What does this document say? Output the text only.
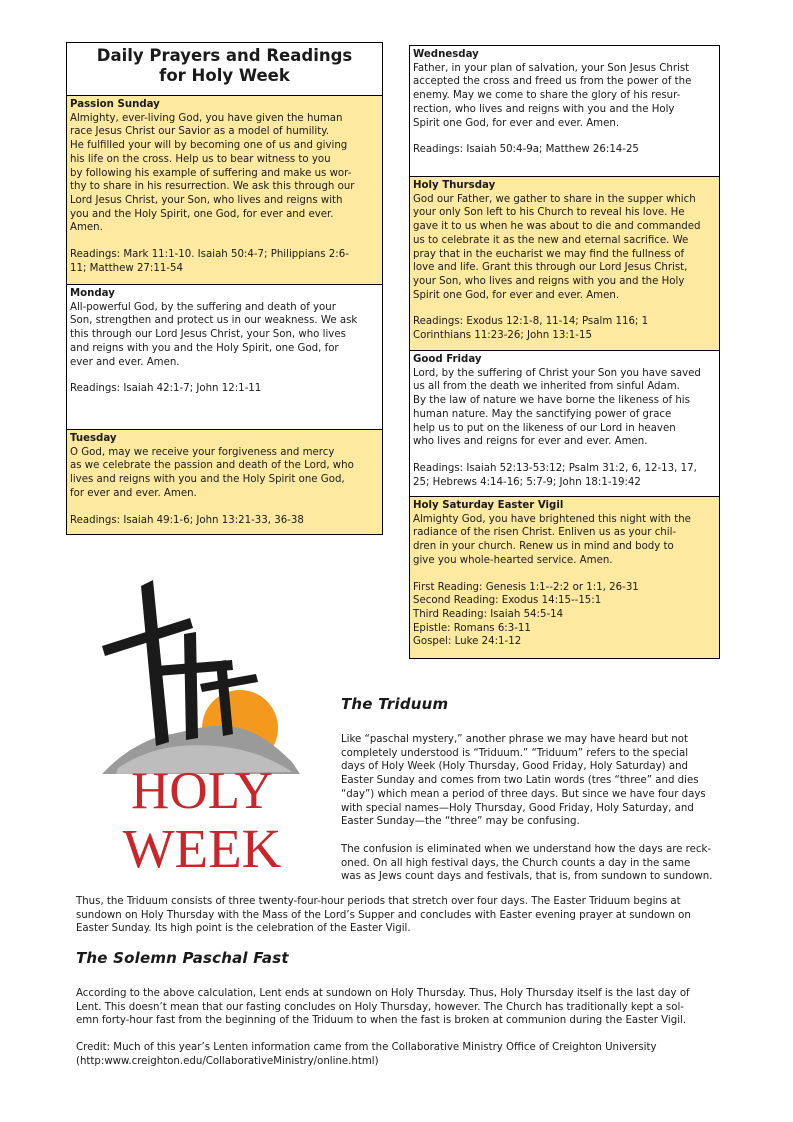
Daily Prayers and Readings
for Holy Week
Passion Sunday
Almighty, ever-living God, you have given the human
race Jesus Christ our Savior as a model of humility.
He fulfilled your will by becoming one of us and giving
his life on the cross. Help us to bear witness to you
by following his example of suffering and make us wor-
thy to share in his resurrection. We ask this through our
Lord Jesus Christ, your Son, who lives and reigns with
you and the Holy Spirit, one God, for ever and ever.
Amen.
Readings: Mark 11:1-10. Isaiah 50:4-7; Philippians 2:6-
11; Matthew 27:11-54
Monday
All-powerful God, by the suffering and death of your
Son, strengthen and protect us in our weakness. We ask
this through our Lord Jesus Christ, your Son, who lives
and reigns with you and the Holy Spirit, one God, for
ever and ever. Amen.
Readings: Isaiah 42:1-7; John 12:1-11
Tuesday
O God, may we receive your forgiveness and mercy
as we celebrate the passion and death of the Lord, who
lives and reigns with you and the Holy Spirit one God,
for ever and ever. Amen.
Readings: Isaiah 49:1-6; John 13:21-33, 36-38
Wednesday
Father, in your plan of salvation, your Son Jesus Christ
accepted the cross and freed us from the power of the
enemy. May we come to share the glory of his resur-
rection, who lives and reigns with you and the Holy
Spirit one God, for ever and ever. Amen.
Readings: Isaiah 50:4-9a; Matthew 26:14-25
Holy Thursday
God our Father, we gather to share in the supper which
your only Son left to his Church to reveal his love. He
gave it to us when he was about to die and commanded
us to celebrate it as the new and eternal sacrifice. We
pray that in the eucharist we may find the fullness of
love and life. Grant this through our Lord Jesus Christ,
your Son, who lives and reigns with you and the Holy
Spirit one God, for ever and ever. Amen.
Readings: Exodus 12:1-8, 11-14; Psalm 116; 1
Corinthians 11:23-26; John 13:1-15
Good Friday
Lord, by the suffering of Christ your Son you have saved
us all from the death we inherited from sinful Adam.
By the law of nature we have borne the likeness of his
human nature. May the sanctifying power of grace
help us to put on the likeness of our Lord in heaven
who lives and reigns for ever and ever. Amen.
Readings: Isaiah 52:13-53:12; Psalm 31:2, 6, 12-13, 17,
25; Hebrews 4:14-16; 5:7-9; John 18:1-19:42
Holy Saturday Easter Vigil
Almighty God, you have brightened this night with the
radiance of the risen Christ. Enliven us as your chil-
dren in your church. Renew us in mind and body to
give you whole-hearted service. Amen.
First Reading: Genesis 1:1--2:2 or 1:1, 26-31
Second Reading: Exodus 14:15--15:1
Third Reading: Isaiah 54:5-14
Epistle: Romans 6:3-11
Gospel: Luke 24:1-12
HOLY
WEEK
The Triduum

Like “paschal mystery,” another phrase we may have heard but not
completely understood is “Triduum.” “Triduum” refers to the special
days of Holy Week (Holy Thursday, Good Friday, Holy Saturday) and
Easter Sunday and comes from two Latin words (tres “three” and dies
“day”) which mean a period of three days. But since we have four days
with special names—Holy Thursday, Good Friday, Holy Saturday, and
Easter Sunday—the “three” may be confusing.

The confusion is eliminated when we understand how the days are reck-
oned. On all high festival days, the Church counts a day in the same
was as Jews count days and festivals, that is, from sundown to sundown.

Thus, the Triduum consists of three twenty-four-hour periods that stretch over four days. The Easter Triduum begins at
sundown on Holy Thursday with the Mass of the Lord’s Supper and concludes with Easter evening prayer at sundown on
Easter Sunday. Its high point is the celebration of the Easter Vigil.

The Solemn Paschal Fast

According to the above calculation, Lent ends at sundown on Holy Thursday. Thus, Holy Thursday itself is the last day of
Lent. This doesn’t mean that our fasting concludes on Holy Thursday, however. The Church has traditionally kept a sol-
emn forty-hour fast from the beginning of the Triduum to when the fast is broken at communion during the Easter Vigil.

Credit: Much of this year’s Lenten information came from the Collaborative Ministry Office of Creighton University
(http:www.creighton.edu/CollaborativeMinistry/online.html)
